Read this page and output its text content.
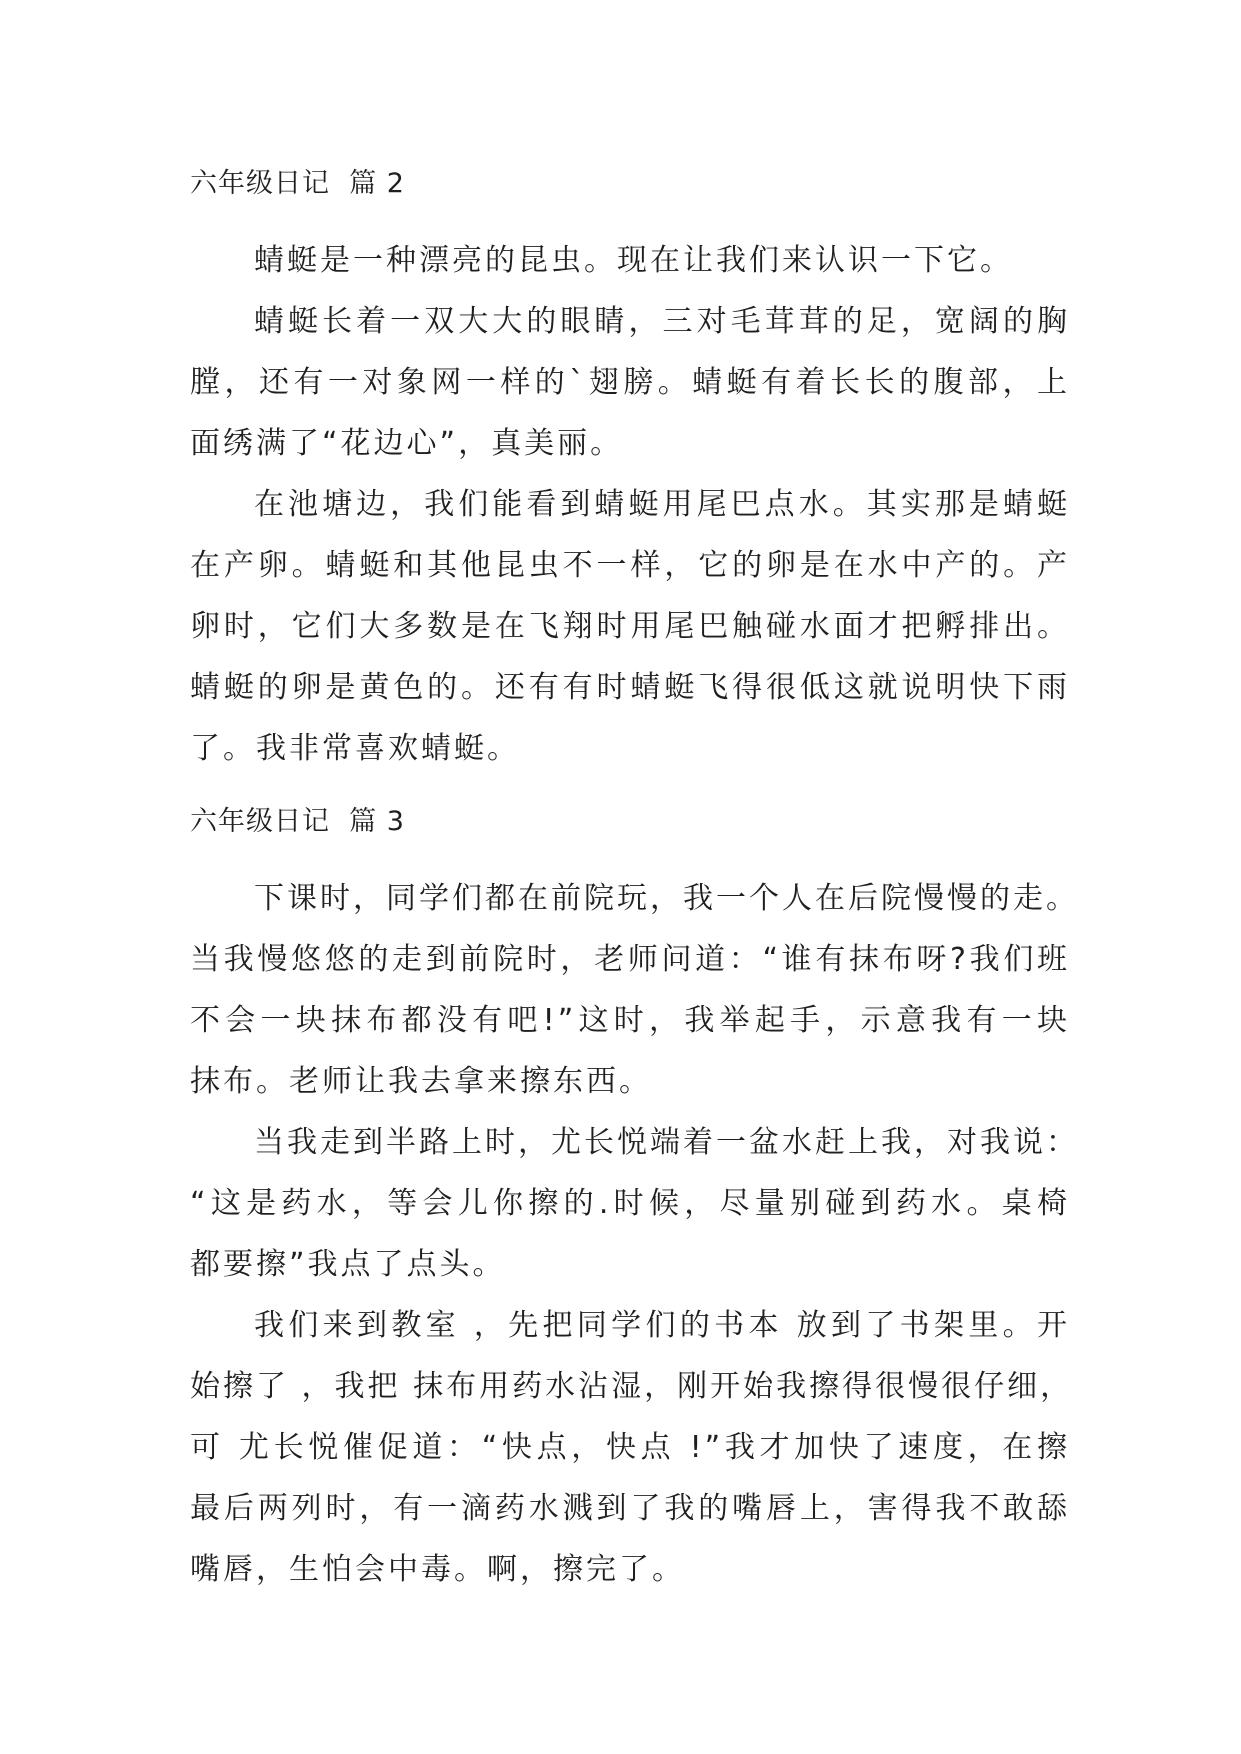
六年级日记  篇 2

蜻蜓是一种漂亮的昆虫。现在让我们来认识一下它。

蜻蜓长着一双大大的眼睛，三对毛茸茸的足，宽阔的胸
膛，还有一对象网一样的`翅膀。蜻蜓有着长长的腹部，上
面绣满了“花边心”，真美丽。

在池塘边，我们能看到蜻蜓用尾巴点水。其实那是蜻蜓
在产卵。蜻蜓和其他昆虫不一样，它的卵是在水中产的。产
卵时，它们大多数是在飞翔时用尾巴触碰水面才把孵排出。
蜻蜓的卵是黄色的。还有有时蜻蜓飞得很低这就说明快下雨
了。我非常喜欢蜻蜓。

六年级日记  篇 3

下课时，同学们都在前院玩，我一个人在后院慢慢的走。
当我慢悠悠的走到前院时，老师问道：“谁有抹布呀?我们班
不会一块抹布都没有吧!”这时，我举起手，示意我有一块
抹布。老师让我去拿来擦东西。

当我走到半路上时，尤长悦端着一盆水赶上我，对我说：
“这是药水，等会儿你擦的.时候，尽量别碰到药水。桌椅
都要擦”我点了点头。

我们来到教室 ，先把同学们的书本 放到了书架里。开
始擦了 ，我把 抹布用药水沾湿，刚开始我擦得很慢很仔细，
可 尤长悦催促道：“快点，快点 !”我才加快了速度，在擦
最后两列时，有一滴药水溅到了我的嘴唇上，害得我不敢舔
嘴唇，生怕会中毒。啊，擦完了。
